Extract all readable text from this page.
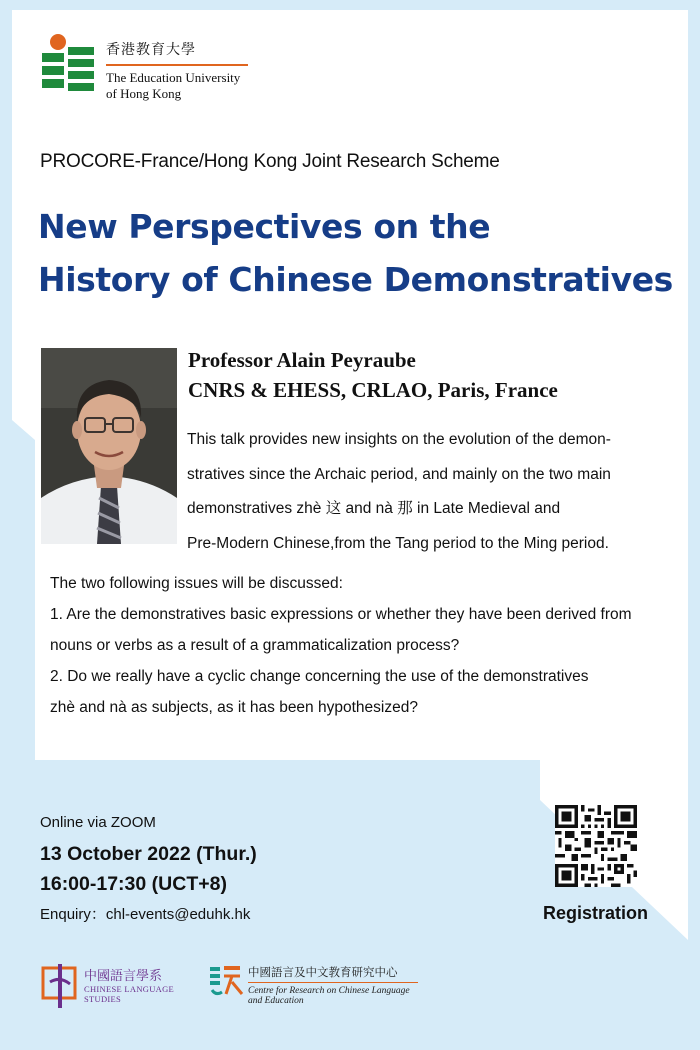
香港教育大學
The Education University
of Hong Kong
PROCORE-France/Hong Kong Joint Research Scheme
New Perspectives on the
History of Chinese Demonstratives
Professor Alain Peyraube
CNRS & EHESS, CRLAO, Paris, France
This talk provides new insights on the evolution of the demon-
stratives since the Archaic period, and mainly on the two main
demonstratives zhè 这 and nà 那 in Late Medieval and
Pre-Modern Chinese,from the Tang period to the Ming period.

The two following issues will be discussed:

1. Are the demonstratives basic expressions or whether they have been derived from

nouns or verbs as a result of a grammaticalization process?

2. Do we really have a cyclic change concerning the use of the demonstratives

zhè and nà as subjects, as it has been hypothesized?

Online via ZOOM
13 October 2022 (Thur.)
16:00-17:30 (UCT+8)
Enquiry：chl-events@eduhk.hk	Registration
中國語言學系
CHINESE LANGUAGE
STUDIES
中國語言及中文教育研究中心
Centre for Research on Chinese Language and Education
